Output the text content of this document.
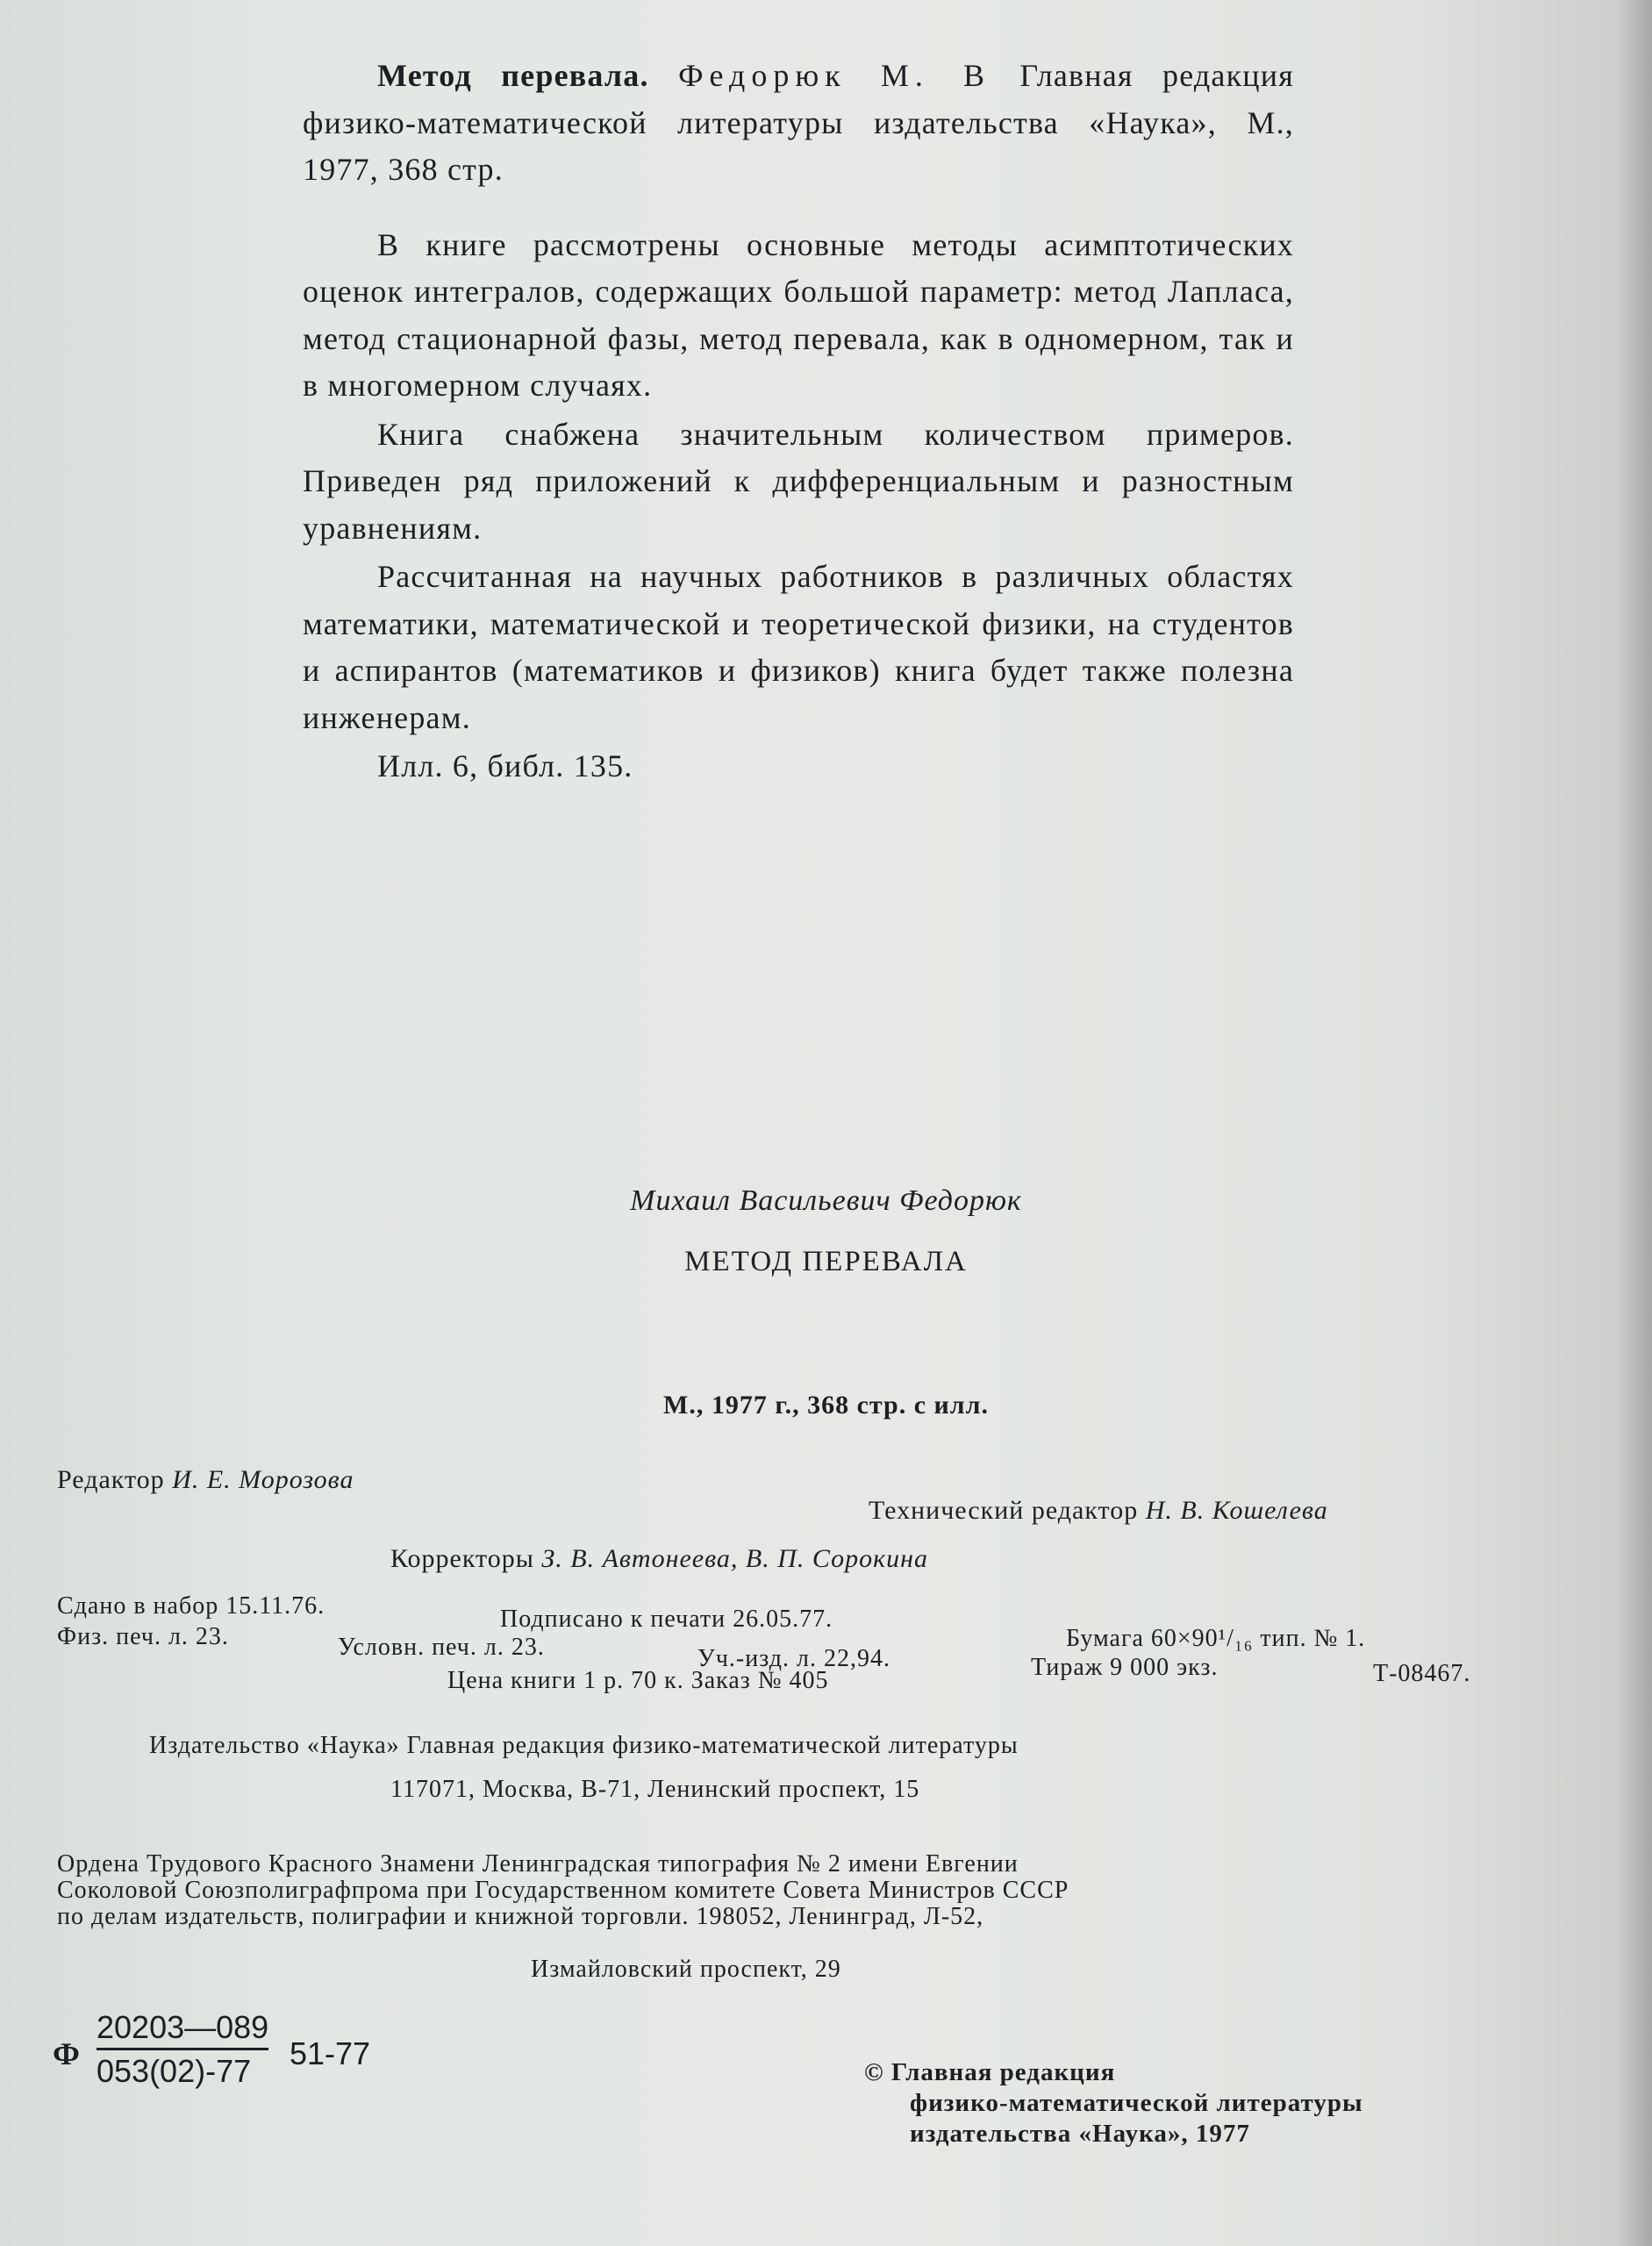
Метод перевала. Федорюк М. В Главная редакция физико-математической литературы издательства «Наука», М., 1977, 368 стр.

В книге рассмотрены основные методы асимптотических оценок интегралов, содержащих большой параметр: метод Лапласа, метод стационарной фазы, метод перевала, как в одномерном, так и в многомерном случаях.

Книга снабжена значительным количеством примеров. Приведен ряд приложений к дифференциальным и разностным уравнениям.

Рассчитанная на научных работников в различных областях математики, математической и теоретической физики, на студентов и аспирантов (математиков и физиков) книга будет также полезна инженерам.

Илл. 6, библ. 135.

Михаил Васильевич Федорюк
МЕТОД ПЕРЕВАЛА
М., 1977 г., 368 стр. с илл.
Редактор И. Е. Морозова
Технический редактор Н. В. Кошелева
Корректоры З. В. Автонеева, В. П. Сорокина
Сдано в набор 15.11.76.	Подписано к печати 26.05.77.
Бумага 60×90¹/₁₆ тип. № 1.
Физ. печ. л. 23.	Условн. печ. л. 23.	Уч.-изд. л. 22,94.	Тираж 9 000 экз.	Т-08467.
Цена книги 1 р. 70 к. Заказ № 405
Издательство «Наука» Главная редакция физико-математической литературы
117071, Москва, В-71, Ленинский проспект, 15
Ордена Трудового Красного Знамени Ленинградская типография № 2 имени Евгении
Соколовой Союзполиграфпрома при Государственном комитете Совета Министров СССР
по делам издательств, полиграфии и книжной торговли. 198052, Ленинград, Л-52,
Измайловский проспект, 29
Ф
20203—089
053(02)-77 51-77
© Главная редакция
физико-математической литературы
издательства «Наука», 1977
